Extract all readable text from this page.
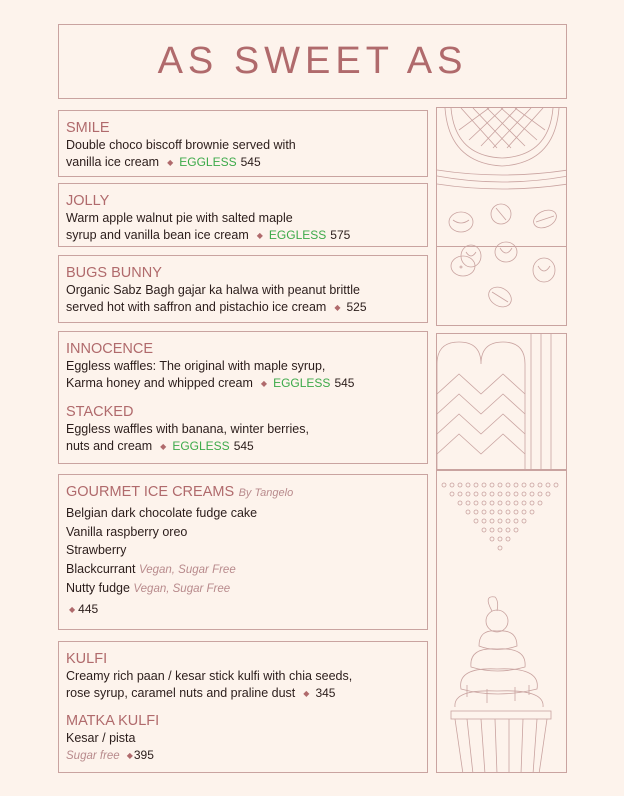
AS SWEET AS
SMILE
Double choco biscoff brownie served with
vanilla ice cream ◆ EGGLESS 545
JOLLY
Warm apple walnut pie with salted maple
syrup and vanilla bean ice cream ◆ EGGLESS 575
BUGS BUNNY
Organic Sabz Bagh gajar ka halwa with peanut brittle
served hot with saffron and pistachio ice cream ◆ 525
INNOCENCE
Eggless waffles: The original with maple syrup,
Karma honey and whipped cream ◆ EGGLESS 545
STACKED
Eggless waffles with banana, winter berries,
nuts and cream ◆ EGGLESS 545
GOURMET ICE CREAMS By Tangelo
Belgian dark chocolate fudge cake
Vanilla raspberry oreo
Strawberry
Blackcurrant Vegan, Sugar Free
Nutty fudge Vegan, Sugar Free
◆ 445
KULFI
Creamy rich paan / kesar stick kulfi with chia seeds,
rose syrup, caramel nuts and praline dust ◆ 345
MATKA KULFI
Kesar / pista
Sugar free ◆395
